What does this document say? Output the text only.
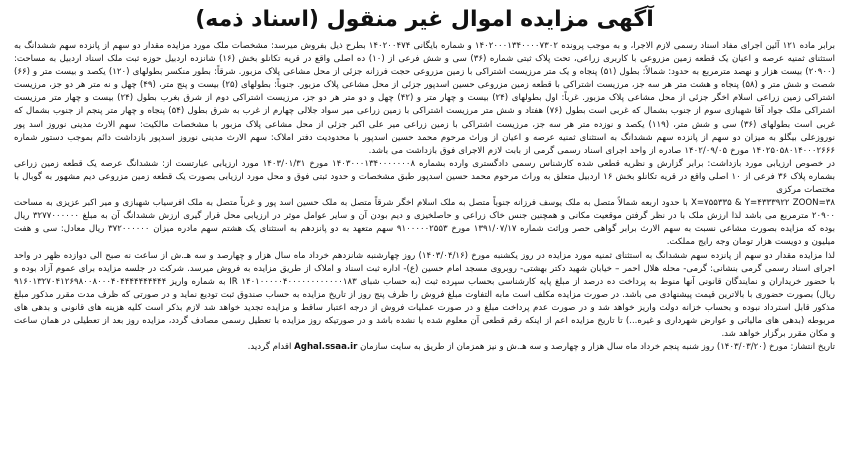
آگهی مزایده اموال غیر منقول (اسناد ذمه)

برابر ماده ۱۲۱ آئین اجرای مفاد اسناد رسمی لازم الاجرا، و به موجب پرونده ۱۴۰۲۰۰۰۱۳۴۰۰۰۰۷۳۰۲ و شماره بایگانی ۱۴۰۲۰۰۴۷۴ بطرح ذیل بفروش میرسد: مشخصات ملک مورد مزایده مقدار دو سهم از پانزده سهم ششدانگ به استثنای ثمنیه عرصه و اعیان یک قطعه زمین مزروعی با کاربری زراعی، تحت پلاک ثبتی شماره (۳۶) سی و شش فرعی از (۱۰) ده اصلی واقع در قریه تکانلو بخش (۱۶) شانزده اردبیل حوزه ثبت ملک اسناد اردبیل به مساحت: (۲۰۹۰۰) بیست هزار و نهصد مترمربع به حدود: شمالاً: بطول (۵۱) پنجاه و یک متر مرزیست اشتراکی با زمین مزروعی حجت فرزانه جزئی از محل مشاعی پلاک مزبور. شرقاً: بطور منکسر بطولهای (۱۲۰) یکصد و بیست متر و (۶۶) شصت و شش متر و (۵۸) پنجاه و هشت متر هر سه جز، مرزیست اشتراکی با قطعه زمین مزروعی حسین اسدپور جزئی از محل مشاعی پلاک مزبور. جنوباً: بطولهای (۲۵) بیست و پنج متر، (۴۹) چهل و نه متر هر دو جز، مرزیست اشتراکی زمین زراعی اسلام اخگر جزئی از محل مشاعی پلاک مزبور. غرباً: اول بطولهای (۲۴) بیست و چهار متر و (۴۲) چهل و دو متر هر دو جز، مرزیست اشتراکی دوم از شرق بغرب بطول (۲۴) بیست و چهار متر مرزیست اشتراکی ملک جواد آقا شهبازی سوم از جنوب بشمال که غربی است بطول (۷۶) هفتاد و شش متر مرزیست اشتراکی با زمین زراعی میر سواد جلالی چهارم از غرب به شرق بطول (۵۴) پنجاه و چهار متر پنجم از جنوب بشمال که غربی است بطولهای (۳۶) سی و شش متر، (۱۱۹) یکصد و نوزده متر هر سه جز، مرزیست اشتراکی با زمین زراعی میر علی اکبر جزئی از محل مشاعی پلاک مزبور با مشخصات مالکیت: سهم الارث مدینی نوروز اسد پور نوروزعلی بیگلو به میزان دو سهم از پانزده سهم ششدانگ به استثنای ثمنیه عرصه و اعیان از وراث مرحوم محمد حسین اسدپور با محدودیت دفتر املاک: سهم الارث مدینی نوروز اسدپور بازداشت دائم بموجب دستور شماره ۱۴۰۲۵۰۵۸۰۱۴۰۰۰۲۶۶۶ مورخ ۱۴۰۲/۰۹/۰۵ صادره از واحد اجرای اسناد رسمی گرمی از بابت لازم الاجرای فوق بازداشت می باشد.

در خصوص ارزیابی مورد بازداشت: برابر گزارش و نظریه قطعی شده کارشناس رسمی دادگستری وارده بشماره ۱۴۰۳۰۰۰۱۳۴۰۰۰۰۰۰۰۸ مورخ ۱۴۰۳/۰۱/۳۱ مورد ارزیابی عبارتست از: ششدانگ عرصه یک قطعه زمین زراعی بشماره پلاک ۳۶ فرعی از ۱۰ اصلی واقع در قریه تکانلو بخش ۱۶ اردبیل متعلق به وراث مرحوم محمد حسین اسدپور طبق مشخصات و حدود ثبتی فوق و محل مورد ارزیابی بصورت یک قطعه زمین مزروعی دیم مشهور به گوبال با مختصات مرکزی

X=۷۵۵۳۳۵ & Y=۴۳۳۳۹۲۲ ZOON=۳۸ با حدود اربعه شمالاً متصل به ملک یوسف فرزانه جنوباً متصل به ملک اسلام اخگر شرقاً متصل به ملک حسین اسد پور و غرباً متصل به ملک افرسیاب شهبازی و میر اکبر عزیزی به مساحت ۲۰۹۰۰ مترمربع می باشد لذا ارزش ملک با در نظر گرفتن موقعیت مکانی و همچنین جنس خاک زراعی و حاصلخیزی و دیم بودن آن و سایر عوامل موثر در ارزیابی محل قرار گیری ارزش ششدانگ آن به مبلغ ۳۲۷۷۰۰۰۰۰۰ ریال بوده که مزایده بصورت مشاعی نسبت به سهم الارث برابر گواهی حصر وراثت شماره ۱۳۹۱/۰۷/۱۷ مورخ ۹۱۰۰۰۰۰۲۵۵۳ سهم متعهد به دو پانزدهم به استثنای یک هشتم سهم مادره میزان ۳۷۲۰۰۰۰۰۰ ریال معادل: سی و هفت میلیون و دویست هزار تومان وجه رایج مملکت.

لذا مزایده مقدار دو سهم از پانزده سهم ششدانگ به استثنای ثمنیه مورد مزایده در روز یکشنبه مورخ (۱۴۰۳/۰۴/۱۶) روز چهارشنبه شانزدهم خرداد ماه سال هزار و چهارصد و سه هـ.ش از ساعت نه صبح الی دوازده ظهر در واحد اجرای اسناد رسمی گرمی بنشانی: گرمی- محله هلال احمر – خیابان شهید دکتر بهشتی- روبروی مسجد امام حسین (ع)- اداره ثبت اسناد و املاک از طریق مزایده به فروش میرسد. شرکت در جلسه مزایده برای عموم آزاد بوده و با حضور خریداران و نمایندگان قانونی آنها منوط به پرداخت ده درصد از مبلغ پایه کارشناسی بحساب سپرده ثبت (به حساب شبای IR ۱۴۰۱۰۰۰۰۰۴۰۰۰۰۰۰۰۰۰۰۰۰۱۸۳ به شماره واریز ۹۱۶۰۱۳۲۷۰۴۱۲۶۹۸۰۰۸۰۰۰۴۰۴۴۴۴۴۴۴۴۴۴ ریال) بصورت حضوری با بالاترین قیمت پیشنهادی می باشد. در صورت مزایده مکلف است مابه التفاوت مبلغ فروش را ظرف پنج روز از تاریخ مزایده به حساب صندوق ثبت تودیع نماید و در صورتی که ظرف مدت مقرر مذکور مبلغ مذکور قابل استرداد نبوده و بحساب خزانه دولت واریز خواهد شد و در صورت عدم پرداخت مبلغ و در صورت عملیات فروش از درجه اعتبار ساقط و مزایده تجدید خواهد شد لازم بذکر است کلیه هزینه های قانونی و بدهی های مربوطه (بدهی های مالیاتی و عوارض شهرداری و غیره...) تا تاریخ مزایده اعم از اینکه رقم قطعی آن معلوم شده یا نشده باشد و در صورتیکه روز مزایده با تعطیل رسمی مصادف گردد، مزایده روز بعد از تعطیلی در همان ساعت و مکان مقرر برگزار خواهد شد.

تاریخ انتشار: مورخ (۱۴۰۳/۰۳/۲۰) روز شنبه پنجم خرداد ماه سال هزار و چهارصد و سه هـ.ش و نیز همزمان از طریق به سایت سازمان Aghal.ssaa.ir اقدام گردید.
